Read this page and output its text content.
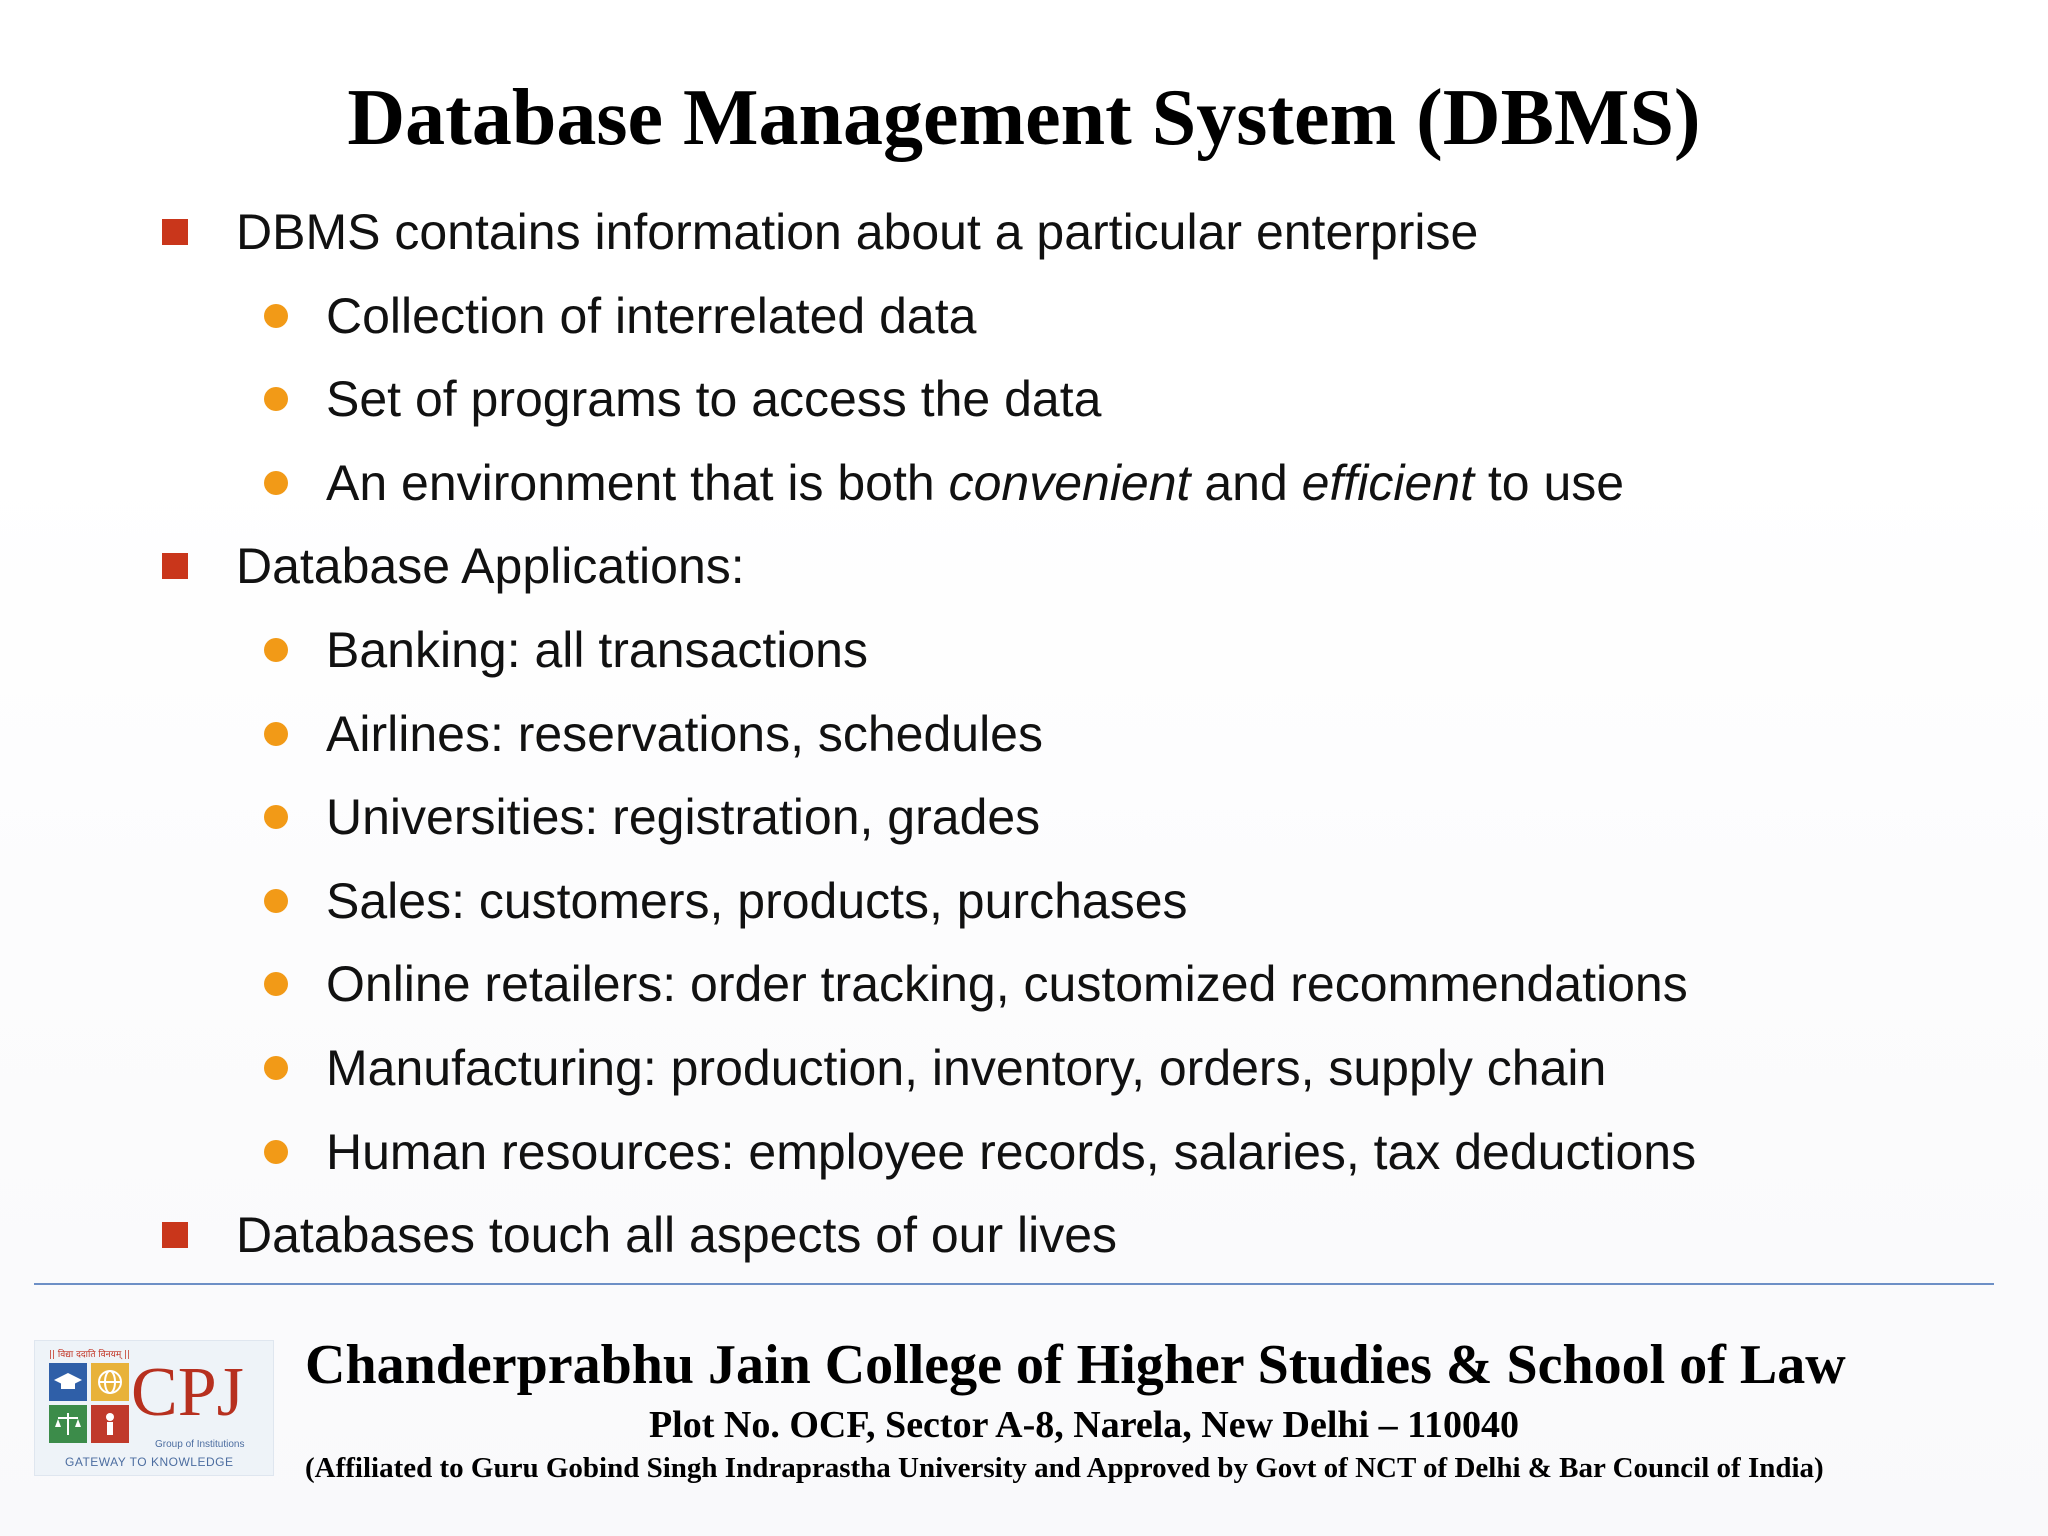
Database Management System (DBMS)
DBMS contains information about a particular enterprise
Collection of interrelated data
Set of programs to access the data
An environment that is both convenient and efficient to use
Database Applications:
Banking: all transactions
Airlines: reservations, schedules
Universities: registration, grades
Sales: customers, products, purchases
Online retailers: order tracking, customized recommendations
Manufacturing: production, inventory, orders, supply chain
Human resources: employee records, salaries, tax deductions
Databases touch all aspects of our lives
|| विद्या ददाति विनयम् || CPJ
Group of Institutions
GATEWAY TO KNOWLEDGE
Chanderprabhu Jain College of Higher Studies & School of Law
Plot No. OCF, Sector A-8, Narela, New Delhi – 110040
(Affiliated to Guru Gobind Singh Indraprastha University and Approved by Govt of NCT of Delhi & Bar Council of India)
